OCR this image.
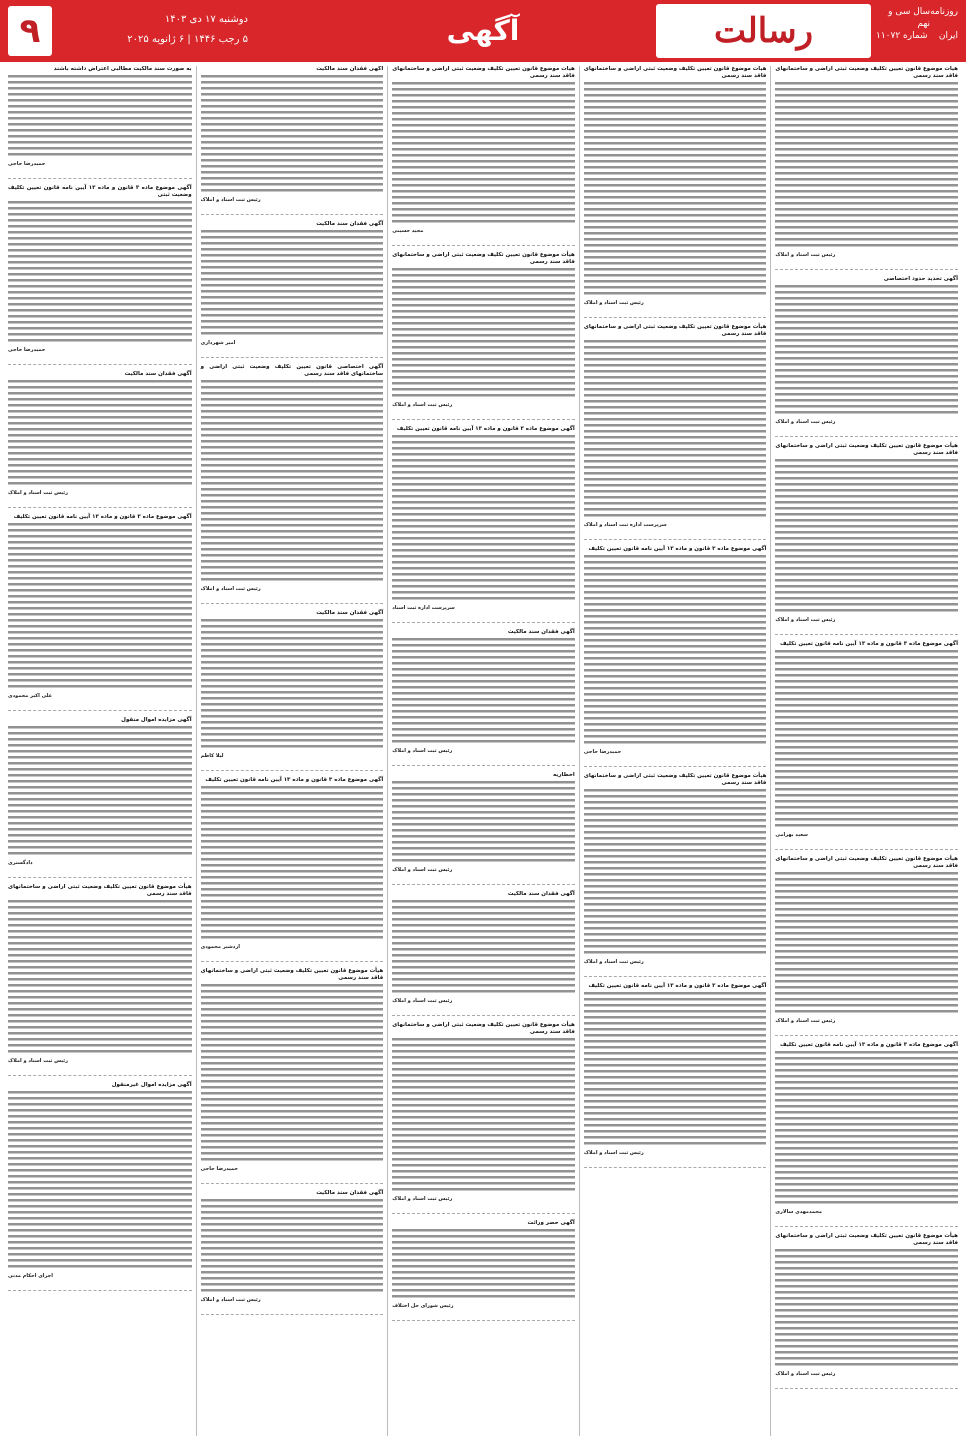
روزنامه
سال سی و نهم
ایران
شماره ۱۱۰۷۲
رسالت
آگهی
دوشنبه ۱۷ دی ۱۴۰۳
۵ رجب ۱۴۴۶ | ۶ ژانویه ۲۰۲۵
۹
هیأت موضوع قانون تعیین تکلیف وضعیت ثبتی اراضی و ساختمانهای فاقد سند رسمی
رئیس ثبت اسناد و املاک
آگهی تحدید حدود اختصاصی
رئیس ثبت اسناد و املاک
هیأت موضوع قانون تعیین تکلیف وضعیت ثبتی اراضی و ساختمانهای فاقد سند رسمی
رئیس ثبت اسناد و املاک
آگهی موضوع ماده ۳ قانون و ماده ۱۳ آیین نامه قانون تعیین تکلیف
سعید بهرامی
هیأت موضوع قانون تعیین تکلیف وضعیت ثبتی اراضی و ساختمانهای فاقد سند رسمی
رئیس ثبت اسناد و املاک
آگهی موضوع ماده ۳ قانون و ماده ۱۳ آیین نامه قانون تعیین تکلیف
محمدمهدی سالاری
هیأت موضوع قانون تعیین تکلیف وضعیت ثبتی اراضی و ساختمانهای فاقد سند رسمی
رئیس ثبت اسناد و املاک
هیأت موضوع قانون تعیین تکلیف وضعیت ثبتی اراضی و ساختمانهای فاقد سند رسمی
رئیس ثبت اسناد و املاک
هیأت موضوع قانون تعیین تکلیف وضعیت ثبتی اراضی و ساختمانهای فاقد سند رسمی
سرپرست اداره ثبت اسناد و املاک
آگهی موضوع ماده ۳ قانون و ماده ۱۳ آیین نامه قانون تعیین تکلیف
حمیدرضا حاجی
هیأت موضوع قانون تعیین تکلیف وضعیت ثبتی اراضی و ساختمانهای فاقد سند رسمی
رئیس ثبت اسناد و املاک
آگهی موضوع ماده ۳ قانون و ماده ۱۳ آیین نامه قانون تعیین تکلیف
رئیس ثبت اسناد و املاک
هیأت موضوع قانون تعیین تکلیف وضعیت ثبتی اراضی و ساختمانهای فاقد سند رسمی
مجید حسینی
هیأت موضوع قانون تعیین تکلیف وضعیت ثبتی اراضی و ساختمانهای فاقد سند رسمی
رئیس ثبت اسناد و املاک
آگهی موضوع ماده ۳ قانون و ماده ۱۳ آیین نامه قانون تعیین تکلیف
سرپرست اداره ثبت اسناد
آگهی فقدان سند مالکیت
رئیس ثبت اسناد و املاک
اخطاریه
رئیس ثبت اسناد و املاک
آگهی فقدان سند مالکیت
رئیس ثبت اسناد و املاک
هیأت موضوع قانون تعیین تکلیف وضعیت ثبتی اراضی و ساختمانهای فاقد سند رسمی
رئیس ثبت اسناد و املاک
آگهی حصر وراثت
رئیس شورای حل اختلاف
آگهی فقدان سند مالکیت
رئیس ثبت اسناد و املاک
آگهی فقدان سند مالکیت
امیر شهرداری
آگهی اختصاصی قانون تعیین تکلیف وضعیت ثبتی اراضی و ساختمانهای فاقد سند رسمی
رئیس ثبت اسناد و املاک
آگهی فقدان سند مالکیت
لیلا کاظم
آگهی موضوع ماده ۳ قانون و ماده ۱۳ آیین نامه قانون تعیین تکلیف
اردشیر محمودی
هیأت موضوع قانون تعیین تکلیف وضعیت ثبتی اراضی و ساختمانهای فاقد سند رسمی
حمیدرضا حاجی
آگهی فقدان سند مالکیت
رئیس ثبت اسناد و املاک
به صورت سند مالکیت مطالبی اعتراض داشته باشند
حمیدرضا حاجی
آگهی موضوع ماده ۳ قانون و ماده ۱۳ آیین نامه قانون تعیین تکلیف وضعیت ثبتی
حمیدرضا حاجی
آگهی فقدان سند مالکیت
رئیس ثبت اسناد و املاک
آگهی موضوع ماده ۳ قانون و ماده ۱۳ آیین نامه قانون تعیین تکلیف
علی اکبر محمودی
آگهی مزایده اموال منقول
دادگستری
هیأت موضوع قانون تعیین تکلیف وضعیت ثبتی اراضی و ساختمانهای فاقد سند رسمی
رئیس ثبت اسناد و املاک
آگهی مزایده اموال غیرمنقول
اجرای احکام مدنی
